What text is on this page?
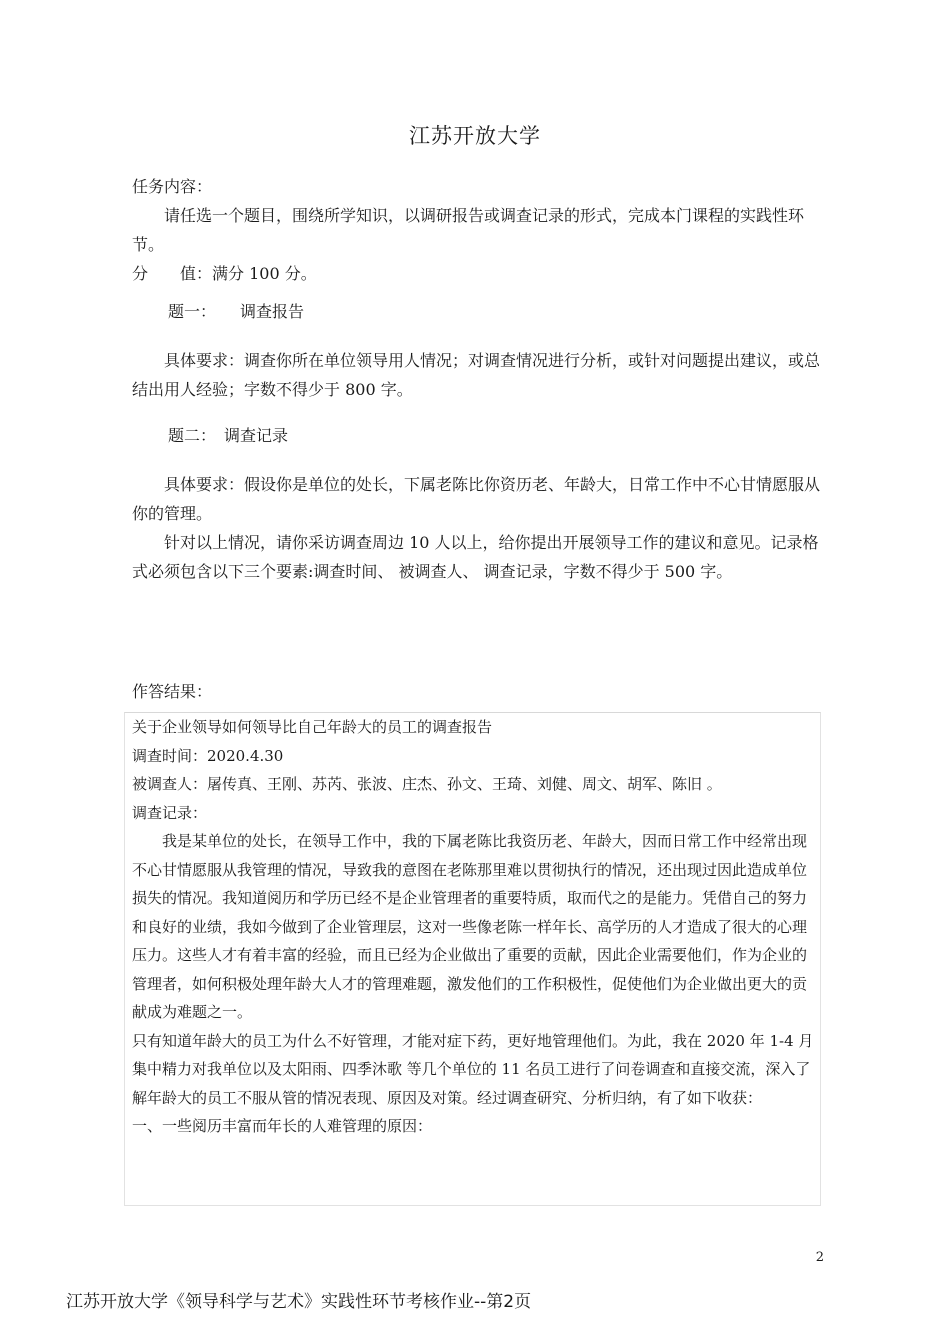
江苏开放大学

任务内容：

请任选一个题目，围绕所学知识，以调研报告或调查记录的形式，完成本门课程的实践性环节。

分　　值：满分 100 分。

题一：　　调查报告
具体要求：调查你所在单位领导用人情况；对调查情况进行分析，或针对问题提出建议，或总结出用人经验；字数不得少于 800 字。
题二：　调查记录

具体要求：假设你是单位的处长，下属老陈比你资历老、年龄大，日常工作中不心甘情愿服从你的管理。

针对以上情况，请你采访调查周边 10 人以上，给你提出开展领导工作的建议和意见。记录格式必须包含以下三个要素:调查时间、 被调查人、 调查记录，字数不得少于 500 字。

作答结果：

关于企业领导如何领导比自己年龄大的员工的调查报告

调查时间：2020.4.30

被调查人：屠传真、王刚、苏芮、张波、庄杰、孙文、王琦、刘健、周文、胡军、陈旧 。

调查记录：

我是某单位的处长，在领导工作中，我的下属老陈比我资历老、年龄大，因而日常工作中经常出现不心甘情愿服从我管理的情况，导致我的意图在老陈那里难以贯彻执行的情况，还出现过因此造成单位损失的情况。我知道阅历和学历已经不是企业管理者的重要特质，取而代之的是能力。凭借自己的努力和良好的业绩，我如今做到了企业管理层，这对一些像老陈一样年长、高学历的人才造成了很大的心理压力。这些人才有着丰富的经验，而且已经为企业做出了重要的贡献，因此企业需要他们，作为企业的管理者，如何积极处理年龄大人才的管理难题，激发他们的工作积极性，促使他们为企业做出更大的贡献成为难题之一。

只有知道年龄大的员工为什么不好管理，才能对症下药，更好地管理他们。为此，我在 2020 年 1-4 月 集中精力对我单位以及太阳雨、四季沐歌 等几个单位的 11 名员工进行了问卷调查和直接交流，深入了解年龄大的员工不服从管的情况表现、原因及对策。经过调查研究、分析归纳，有了如下收获：

一、一些阅历丰富而年长的人难管理的原因：

2
江苏开放大学《领导科学与艺术》实践性环节考核作业--第2页
